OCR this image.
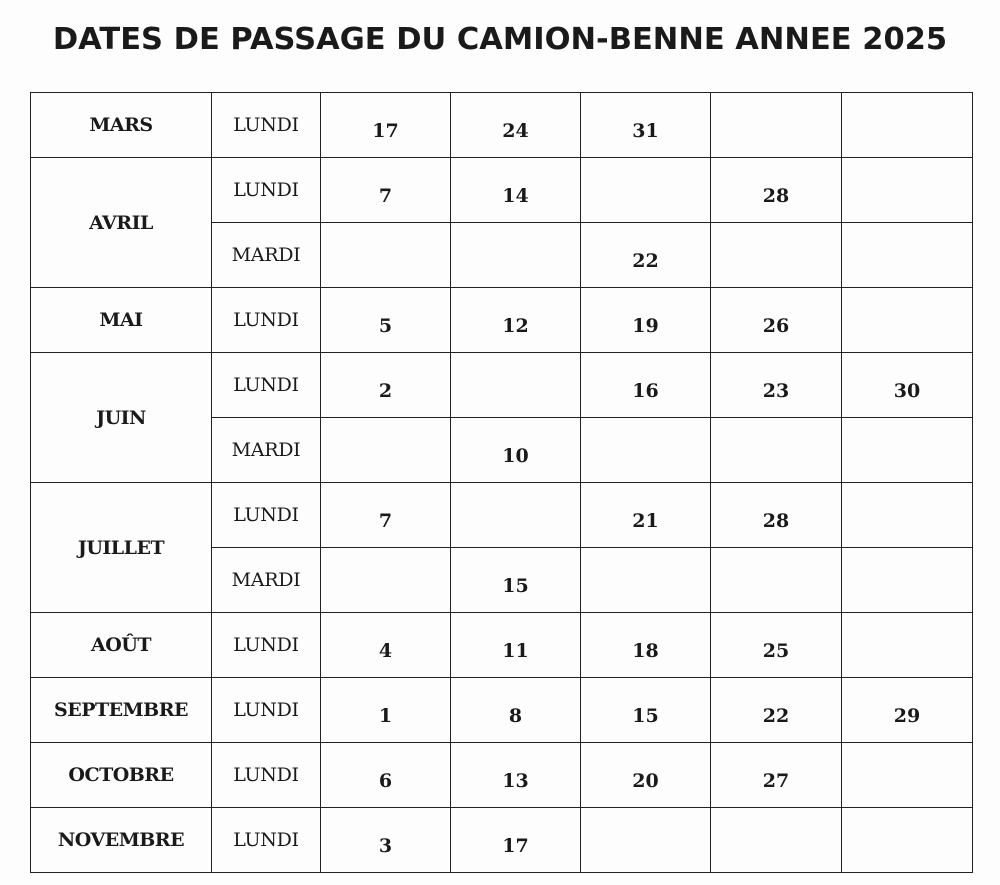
DATES DE PASSAGE DU CAMION-BENNE ANNEE 2025
MARS	LUNDI	17	24	31		

AVRIL	LUNDI	7	14		28	

	MARDI			22		

MAI	LUNDI	5	12	19	26	

JUIN	LUNDI	2		16	23	30

	MARDI		10			

JUILLET	LUNDI	7		21	28	

	MARDI		15			

AOÛT	LUNDI	4	11	18	25	

SEPTEMBRE	LUNDI	1	8	15	22	29

OCTOBRE	LUNDI	6	13	20	27	

NOVEMBRE	LUNDI	3	17			
